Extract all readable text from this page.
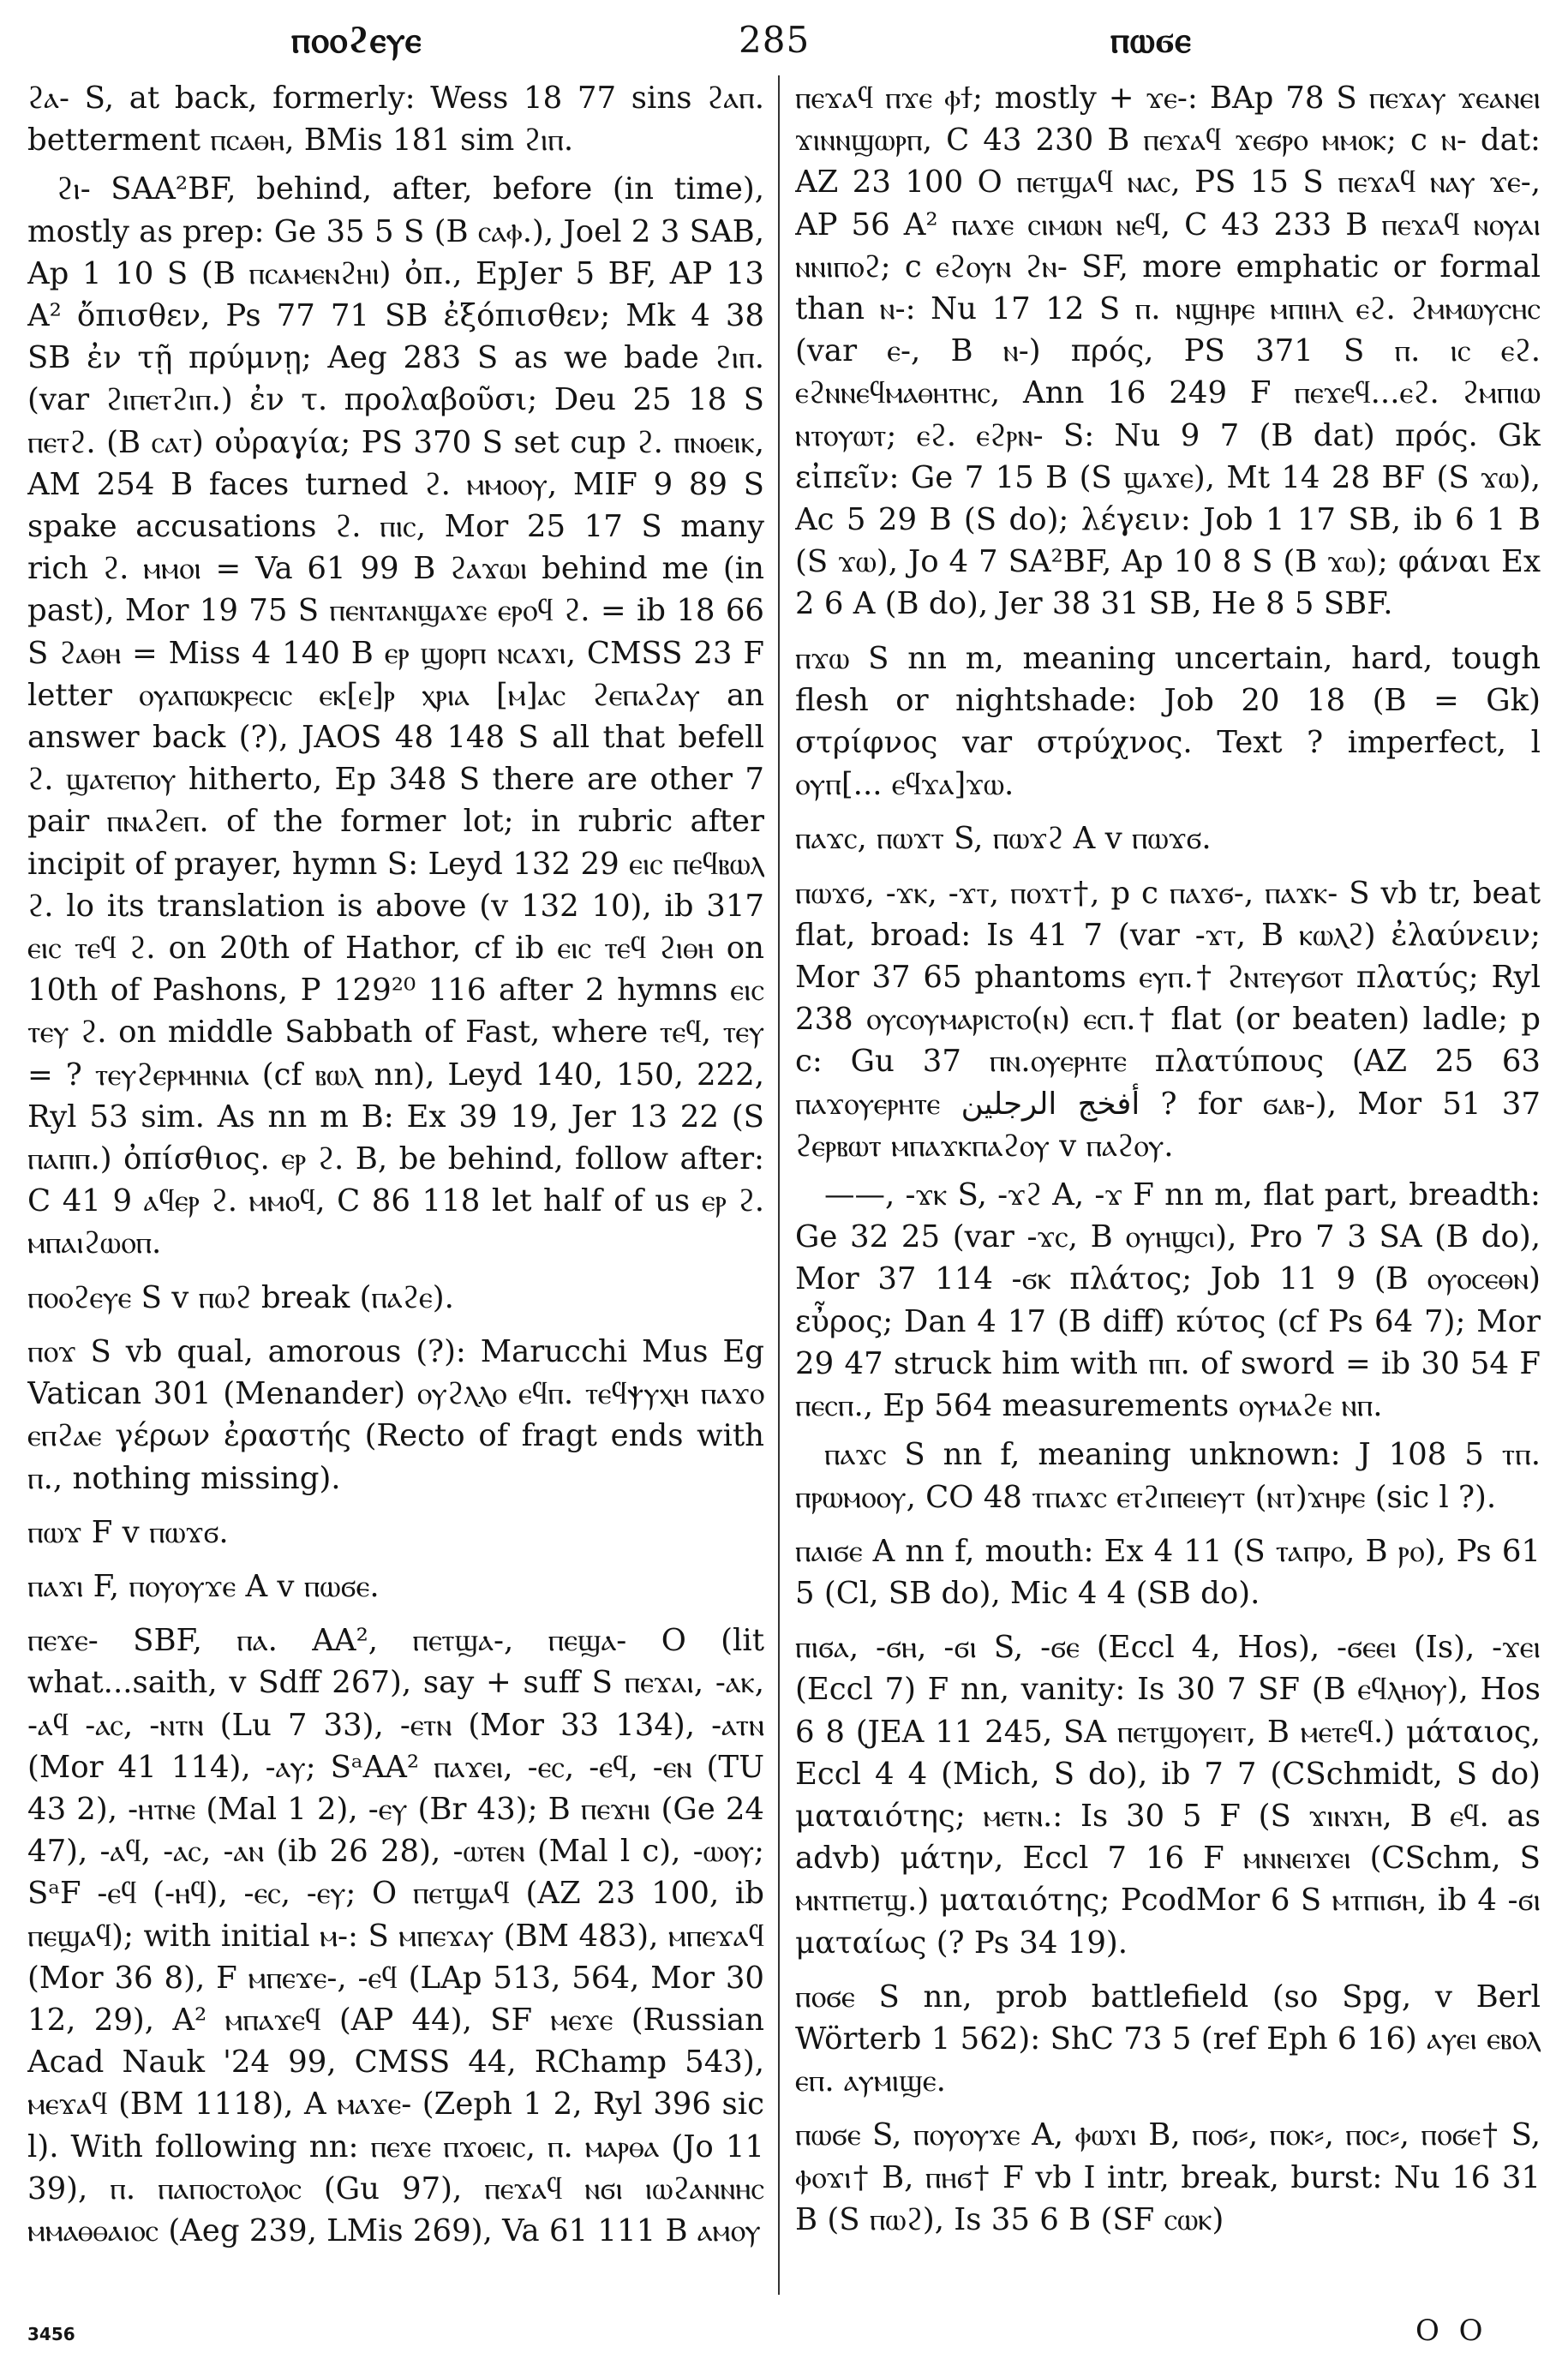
ⲡⲟⲟϩⲉⲩⲉ	285	ⲡⲱϭⲉ

ϩⲁ- S, at back, formerly: Wess 18 77 sins ϩⲁⲡ. betterment ⲡⲥⲁⲑⲏ, BMis 181 sim ϩⲓⲡ.

ϩⲓ- SAA²BF, behind, after, before (in time), mostly as prep: Ge 35 5 S (B ⲥⲁⲫ.), Joel 2 3 SAB, Ap 1 10 S (B ⲡⲥⲁⲙⲉⲛϩⲏⲓ) ὀπ., EpJer 5 BF, AP 13 A² ὄπισθεν, Ps 77 71 SB ἐξόπισθεν; Mk 4 38 SB ἐν τῇ πρύμνῃ; Aeg 283 S as we bade ϩⲓⲡ. (var ϩⲓⲡⲉⲧϩⲓⲡ.) ἐν τ. προλαβοῦσι; Deu 25 18 S ⲡⲉⲧϩ. (B ⲥⲁⲧ) οὐραγία; PS 370 S set cup ϩ. ⲡⲛⲟⲉⲓⲕ, AM 254 B faces turned ϩ. ⲙⲙⲟⲟⲩ, MIF 9 89 S spake accusations ϩ. ⲡⲓⲥ, Mor 25 17 S many rich ϩ. ⲙⲙⲟⲓ = Va 61 99 B ϩⲁϫⲱⲓ behind me (in past), Mor 19 75 S ⲡⲉⲛⲧⲁⲛϣⲁϫⲉ ⲉⲣⲟϥ ϩ. = ib 18 66 S ϩⲁⲑⲏ = Miss 4 140 B ⲉⲣ ϣⲟⲣⲡ ⲛⲥⲁϫⲓ, CMSS 23 F letter ⲟⲩⲁⲡⲱⲕⲣⲉⲥⲓⲥ ⲉⲕ[ⲉ]ⲣ ⲭⲣⲓⲁ [ⲙ]ⲁⲥ ϩⲉⲡⲁϩⲁⲩ an answer back (?), JAOS 48 148 S all that befell ϩ. ϣⲁⲧⲉⲡⲟⲩ hitherto, Ep 348 S there are other 7 pair ⲡⲛⲁϩⲉⲡ. of the former lot; in rubric after incipit of prayer, hymn S: Leyd 132 29 ⲉⲓⲥ ⲡⲉϥⲃⲱⲗ ϩ. lo its translation is above (v 132 10), ib 317 ⲉⲓⲥ ⲧⲉϥ ϩ. on 20th of Hathor, cf ib ⲉⲓⲥ ⲧⲉϥ ϩⲓⲑⲏ on 10th of Pashons, P 129²⁰ 116 after 2 hymns ⲉⲓⲥ ⲧⲉⲩ ϩ. on middle Sabbath of Fast, where ⲧⲉϥ, ⲧⲉⲩ = ? ⲧⲉⲩϩⲉⲣⲙⲏⲛⲓⲁ (cf ⲃⲱⲗ nn), Leyd 140, 150, 222, Ryl 53 sim. As nn m B: Ex 39 19, Jer 13 22 (S ⲡⲁⲡⲡ.) ὀπίσθιος. ⲉⲣ ϩ. B, be behind, follow after: C 41 9 ⲁϥⲉⲣ ϩ. ⲙⲙⲟϥ, C 86 118 let half of us ⲉⲣ ϩ. ⲙⲡⲁⲓϩⲱⲟⲡ.

ⲡⲟⲟϩⲉⲩⲉ S v ⲡⲱϩ break (ⲡⲁϩⲉ).

ⲡⲟϫ S vb qual, amorous (?): Marucchi Mus Eg Vatican 301 (Menander) ⲟⲩϩⲗⲗⲟ ⲉϥⲡ. ⲧⲉϥⲯⲩⲭⲏ ⲡⲁϫⲟ ⲉⲡϩⲁⲉ γέρων ἐραστής (Recto of fragt ends with ⲡ., nothing missing).

ⲡⲱϫ F v ⲡⲱϫϭ.

ⲡⲁϫⲓ F, ⲡⲟⲩⲟⲩϫⲉ A v ⲡⲱϭⲉ.

ⲡⲉϫⲉ- SBF, ⲡⲁ. AA², ⲡⲉⲧϣⲁ-, ⲡⲉϣⲁ- O (lit what...saith, v Sdff 267), say + suff S ⲡⲉϫⲁⲓ, -ⲁⲕ, -ⲁϥ -ⲁⲥ, -ⲛⲧⲛ (Lu 7 33), -ⲉⲧⲛ (Mor 33 134), -ⲁⲧⲛ (Mor 41 114), -ⲁⲩ; SᵃAA² ⲡⲁϫⲉⲓ, -ⲉⲥ, -ⲉϥ, -ⲉⲛ (TU 43 2), -ⲏⲧⲛⲉ (Mal 1 2), -ⲉⲩ (Br 43); B ⲡⲉϫⲏⲓ (Ge 24 47), -ⲁϥ, -ⲁⲥ, -ⲁⲛ (ib 26 28), -ⲱⲧⲉⲛ (Mal l c), -ⲱⲟⲩ; SᵃF -ⲉϥ (-ⲏϥ), -ⲉⲥ, -ⲉⲩ; O ⲡⲉⲧϣⲁϥ (AZ 23 100, ib ⲡⲉϣⲁϥ); with initial ⲙ-: S ⲙⲡⲉϫⲁⲩ (BM 483), ⲙⲡⲉϫⲁϥ (Mor 36 8), F ⲙⲡⲉϫⲉ-, -ⲉϥ (LAp 513, 564, Mor 30 12, 29), A² ⲙⲡⲁϫⲉϥ (AP 44), SF ⲙⲉϫⲉ (Russian Acad Nauk '24 99, CMSS 44, RChamp 543), ⲙⲉϫⲁϥ (BM 1118), A ⲙⲁϫⲉ- (Zeph 1 2, Ryl 396 sic l). With following nn: ⲡⲉϫⲉ ⲡϫⲟⲉⲓⲥ, ⲡ. ⲙⲁⲣⲑⲁ (Jo 11 39), ⲡ. ⲡⲁⲡⲟⲥⲧⲟⲗⲟⲥ (Gu 97), ⲡⲉϫⲁϥ ⲛϭⲓ ⲓⲱϩⲁⲛⲛⲏⲥ ⲙⲙⲁⲑⲑⲁⲓⲟⲥ (Aeg 239, LMis 269), Va 61 111 B ⲁⲙⲟⲩ

ⲡⲉϫⲁϥ ⲡϫⲉ ⲫϯ; mostly + ϫⲉ-: BAp 78 S ⲡⲉϫⲁⲩ ϫⲉⲁⲛⲉⲓ ϫⲓⲛⲛϣⲱⲣⲡ, C 43 230 B ⲡⲉϫⲁϥ ϫⲉϭⲣⲟ ⲙⲙⲟⲕ; c ⲛ- dat: AZ 23 100 O ⲡⲉⲧϣⲁϥ ⲛⲁⲥ, PS 15 S ⲡⲉϫⲁϥ ⲛⲁⲩ ϫⲉ-, AP 56 A² ⲡⲁϫⲉ ⲥⲓⲙⲱⲛ ⲛⲉϥ, C 43 233 B ⲡⲉϫⲁϥ ⲛⲟⲩⲁⲓ ⲛⲛⲓⲡⲟϩ; c ⲉϩⲟⲩⲛ ϩⲛ- SF, more emphatic or formal than ⲛ-: Nu 17 12 S ⲡ. ⲛϣⲏⲣⲉ ⲙⲡⲓⲏⲗ ⲉϩ. ϩⲙⲙⲱⲩⲥⲏⲥ (var ⲉ-, B ⲛ-) πρός, PS 371 S ⲡ. ⲓⲥ ⲉϩ. ⲉϩⲛⲛⲉϥⲙⲁⲑⲏⲧⲏⲥ, Ann 16 249 F ⲡⲉϫⲉϥ...ⲉϩ. ϩⲙⲡⲓⲱ ⲛⲧⲟⲩⲱⲧ; ⲉϩ. ⲉϩⲣⲛ- S: Nu 9 7 (B dat) πρός. Gk εἰπεῖν: Ge 7 15 B (S ϣⲁϫⲉ), Mt 14 28 BF (S ϫⲱ), Ac 5 29 B (S do); λέγειν: Job 1 17 SB, ib 6 1 B (S ϫⲱ), Jo 4 7 SA²BF, Ap 10 8 S (B ϫⲱ); φάναι Ex 2 6 A (B do), Jer 38 31 SB, He 8 5 SBF.

ⲡϫⲱ S nn m, meaning uncertain, hard, tough flesh or nightshade: Job 20 18 (B = Gk) στρίφνος var στρύχνος. Text ? imperfect, l ⲟⲩⲡ[... ⲉϥϫⲁ]ϫⲱ.

ⲡⲁϫⲥ, ⲡⲱϫⲧ S, ⲡⲱϫϩ A v ⲡⲱϫϭ.

ⲡⲱϫϭ, -ϫⲕ, -ϫⲧ, ⲡⲟϫⲧ†, p c ⲡⲁϫϭ-, ⲡⲁϫⲕ- S vb tr, beat flat, broad: Is 41 7 (var -ϫⲧ, B ⲕⲱⲗϩ) ἐλαύνειν; Mor 37 65 phantoms ⲉⲩⲡ.† ϩⲛⲧⲉⲩϭⲟⲧ πλατύς; Ryl 238 ⲟⲩⲥⲟⲩⲙⲁⲣⲓⲥⲧⲟ(ⲛ) ⲉⲥⲡ.† flat (or beaten) ladle; p c: Gu 37 ⲡⲛ.ⲟⲩⲉⲣⲏⲧⲉ πλατύπους (AZ 25 63 ⲡⲁϫⲟⲩⲉⲣⲏⲧⲉ أفخج الرجلين ? for ϭⲁⲃ-), Mor 51 37 ϩⲉⲣⲃⲱⲧ ⲙⲡⲁϫⲕⲡⲁϩⲟⲩ v ⲡⲁϩⲟⲩ.

——, -ϫⲕ S, -ϫϩ A, -ϫ F nn m, flat part, breadth: Ge 32 25 (var -ϫⲥ, B ⲟⲩⲏϣⲥⲓ), Pro 7 3 SA (B do), Mor 37 114 -ϭⲕ πλάτος; Job 11 9 (B ⲟⲩⲟⲥⲉⲑⲛ) εὖρος; Dan 4 17 (B diff) κύτος (cf Ps 64 7); Mor 29 47 struck him with ⲡⲡ. of sword = ib 30 54 F ⲡⲉⲥⲡ., Ep 564 measurements ⲟⲩⲙⲁϩⲉ ⲛⲡ.

ⲡⲁϫⲥ S nn f, meaning unknown: J 108 5 ⲧⲡ. ⲡⲣⲱⲙⲟⲟⲩ, CO 48 ⲧⲡⲁϫⲥ ⲉⲧϩⲓⲡⲉⲓⲉⲩⲧ (ⲛⲧ)ϫⲏⲣⲉ (sic l ?).

ⲡⲁⲓϭⲉ A nn f, mouth: Ex 4 11 (S ⲧⲁⲡⲣⲟ, B ⲣⲟ), Ps 61 5 (Cl, SB do), Mic 4 4 (SB do).

ⲡⲓϭⲁ, -ϭⲏ, -ϭⲓ S, -ϭⲉ (Eccl 4, Hos), -ϭⲉⲉⲓ (Is), -ϫⲉⲓ (Eccl 7) F nn, vanity: Is 30 7 SF (B ⲉϥⲗⲏⲟⲩ), Hos 6 8 (JEA 11 245, SA ⲡⲉⲧϣⲟⲩⲉⲓⲧ, B ⲙⲉⲧⲉϥ.) μάταιος, Eccl 4 4 (Mich, S do), ib 7 7 (CSchmidt, S do) ματαιότης; ⲙⲉⲧⲛ.: Is 30 5 F (S ϫⲓⲛϫⲏ, B ⲉϥ. as advb) μάτην, Eccl 7 16 F ⲙⲛⲛⲉⲓϫⲉⲓ (CSchm, S ⲙⲛⲧⲡⲉⲧϣ.) ματαιότης; PcodMor 6 S ⲙⲧⲡⲓϭⲏ, ib 4 -ϭⲓ ματαίως (? Ps 34 19).

ⲡⲟϭⲉ S nn, prob battlefield (so Spg, v Berl Wörterb 1 562): ShC 73 5 (ref Eph 6 16) ⲁⲩⲉⲓ ⲉⲃⲟⲗ ⲉⲡ. ⲁⲩⲙⲓϣⲉ.

ⲡⲱϭⲉ S, ⲡⲟⲩⲟⲩϫⲉ A, ⲫⲱϫⲓ B, ⲡⲟϭ⸗, ⲡⲟⲕ⸗, ⲡⲟⲥ⸗, ⲡⲟϭⲉ† S, ⲫⲟϫⲓ† B, ⲡⲏϭ† F vb I intr, break, burst: Nu 16 31 B (S ⲡⲱϩ), Is 35 6 B (SF ⲥⲱⲕ)

3456	O O
